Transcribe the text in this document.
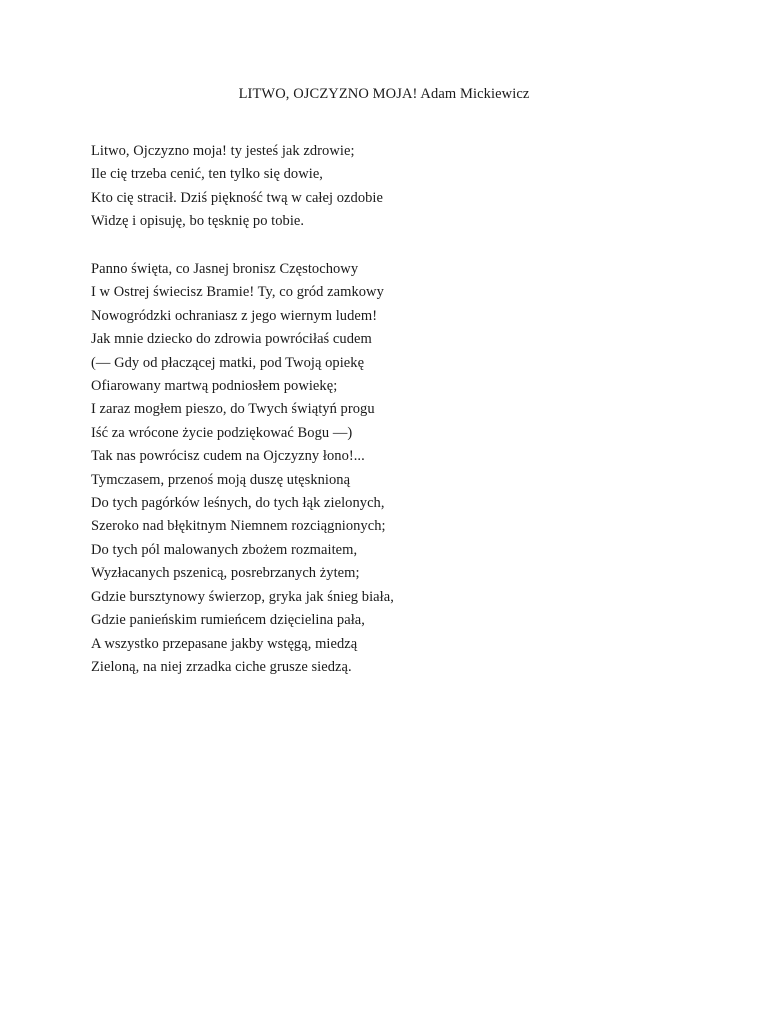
LITWO, OJCZYZNO MOJA! Adam Mickiewicz
Litwo, Ojczyzno moja! ty jesteś jak zdrowie;
Ile cię trzeba cenić, ten tylko się dowie,
Kto cię stracił. Dziś piękność twą w całej ozdobie
Widzę i opisuję, bo tęsknię po tobie.
Panno święta, co Jasnej bronisz Częstochowy
I w Ostrej świecisz Bramie! Ty, co gród zamkowy
Nowogródzki ochraniasz z jego wiernym ludem!
Jak mnie dziecko do zdrowia powróciłaś cudem
(— Gdy od płaczącej matki, pod Twoją opiekę
Ofiarowany martwą podniosłem powiekę;
I zaraz mogłem pieszo, do Twych świątyń progu
Iść za wrócone życie podziękować Bogu —)
Tak nas powrócisz cudem na Ojczyzny łono!...
Tymczasem, przenoś moją duszę utęsknioną
Do tych pagórków leśnych, do tych łąk zielonych,
Szeroko nad błękitnym Niemnem rozciągnionych;
Do tych pól malowanych zbożem rozmaitem,
Wyzłacanych pszenicą, posrebrzanych żytem;
Gdzie bursztynowy świerzop, gryka jak śnieg biała,
Gdzie panieńskim rumieńcem dzięcielina pała,
A wszystko przepasane jakby wstęgą, miedzą
Zieloną, na niej zrzadka ciche grusze siedzą.
